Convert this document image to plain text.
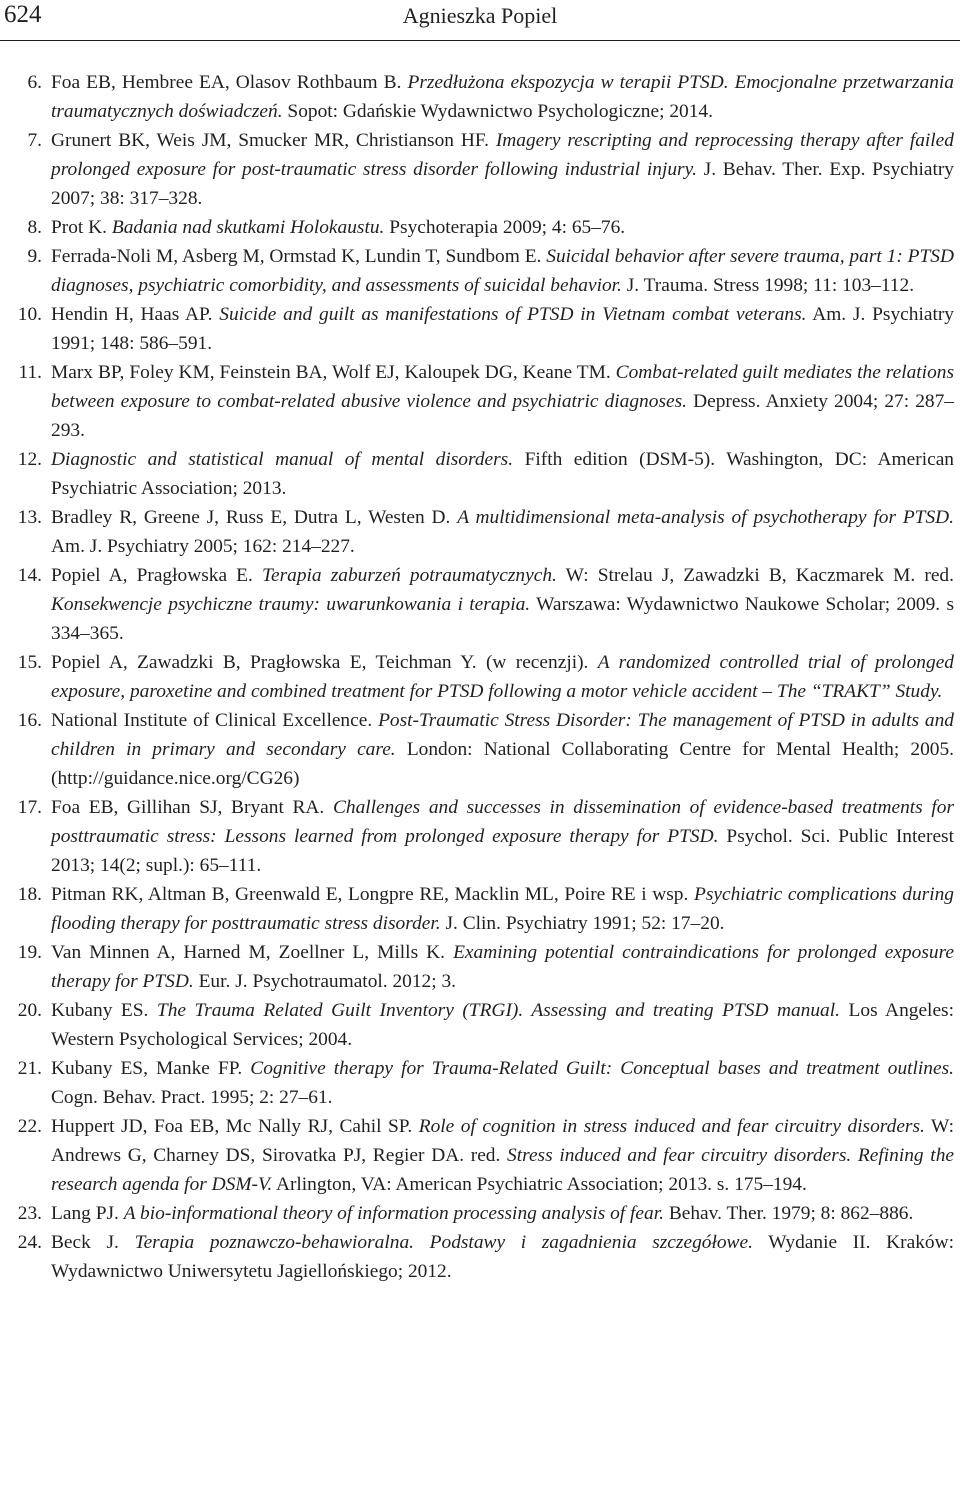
624	Agnieszka Popiel
6. Foa EB, Hembree EA, Olasov Rothbaum B. Przedłużona ekspozycja w terapii PTSD. Emocjonalne przetwarzania traumatycznych doświadczeń. Sopot: Gdańskie Wydawnictwo Psychologiczne; 2014.
7. Grunert BK, Weis JM, Smucker MR, Christianson HF. Imagery rescripting and reprocessing therapy after failed prolonged exposure for post-traumatic stress disorder following industrial injury. J. Behav. Ther. Exp. Psychiatry 2007; 38: 317–328.
8. Prot K. Badania nad skutkami Holokaustu. Psychoterapia 2009; 4: 65–76.
9. Ferrada-Noli M, Asberg M, Ormstad K, Lundin T, Sundbom E. Suicidal behavior after severe trauma, part 1: PTSD diagnoses, psychiatric comorbidity, and assessments of suicidal behavior. J. Trauma. Stress 1998; 11: 103–112.
10. Hendin H, Haas AP. Suicide and guilt as manifestations of PTSD in Vietnam combat veterans. Am. J. Psychiatry 1991; 148: 586–591.
11. Marx BP, Foley KM, Feinstein BA, Wolf EJ, Kaloupek DG, Keane TM. Combat-related guilt mediates the relations between exposure to combat-related abusive violence and psychiatric diagnoses. Depress. Anxiety 2004; 27: 287–293.
12. Diagnostic and statistical manual of mental disorders. Fifth edition (DSM-5). Washington, DC: American Psychiatric Association; 2013.
13. Bradley R, Greene J, Russ E, Dutra L, Westen D. A multidimensional meta-analysis of psychotherapy for PTSD. Am. J. Psychiatry 2005; 162: 214–227.
14. Popiel A, Pragłowska E. Terapia zaburzeń potraumatycznych. W: Strelau J, Zawadzki B, Kaczmarek M. red. Konsekwencje psychiczne traumy: uwarunkowania i terapia. Warszawa: Wydawnictwo Naukowe Scholar; 2009. s 334–365.
15. Popiel A, Zawadzki B, Pragłowska E, Teichman Y. (w recenzji). A randomized controlled trial of prolonged exposure, paroxetine and combined treatment for PTSD following a motor vehicle accident – The “TRAKT” Study.
16. National Institute of Clinical Excellence. Post-Traumatic Stress Disorder: The management of PTSD in adults and children in primary and secondary care. London: National Collaborating Centre for Mental Health; 2005. (http://guidance.nice.org/CG26)
17. Foa EB, Gillihan SJ, Bryant RA. Challenges and successes in dissemination of evidence-based treatments for posttraumatic stress: Lessons learned from prolonged exposure therapy for PTSD. Psychol. Sci. Public Interest 2013; 14(2; supl.): 65–111.
18. Pitman RK, Altman B, Greenwald E, Longpre RE, Macklin ML, Poire RE i wsp. Psychiatric complications during flooding therapy for posttraumatic stress disorder. J. Clin. Psychiatry 1991; 52: 17–20.
19. Van Minnen A, Harned M, Zoellner L, Mills K. Examining potential contraindications for prolonged exposure therapy for PTSD. Eur. J. Psychotraumatol. 2012; 3.
20. Kubany ES. The Trauma Related Guilt Inventory (TRGI). Assessing and treating PTSD manual. Los Angeles: Western Psychological Services; 2004.
21. Kubany ES, Manke FP. Cognitive therapy for Trauma-Related Guilt: Conceptual bases and treatment outlines. Cogn. Behav. Pract. 1995; 2: 27–61.
22. Huppert JD, Foa EB, Mc Nally RJ, Cahil SP. Role of cognition in stress induced and fear circuitry disorders. W: Andrews G, Charney DS, Sirovatka PJ, Regier DA. red. Stress induced and fear circuitry disorders. Refining the research agenda for DSM-V. Arlington, VA: American Psychiatric Association; 2013. s. 175–194.
23. Lang PJ. A bio-informational theory of information processing analysis of fear. Behav. Ther. 1979; 8: 862–886.
24. Beck J. Terapia poznawczo-behawioralna. Podstawy i zagadnienia szczegółowe. Wydanie II. Kraków: Wydawnictwo Uniwersytetu Jagiellońskiego; 2012.
